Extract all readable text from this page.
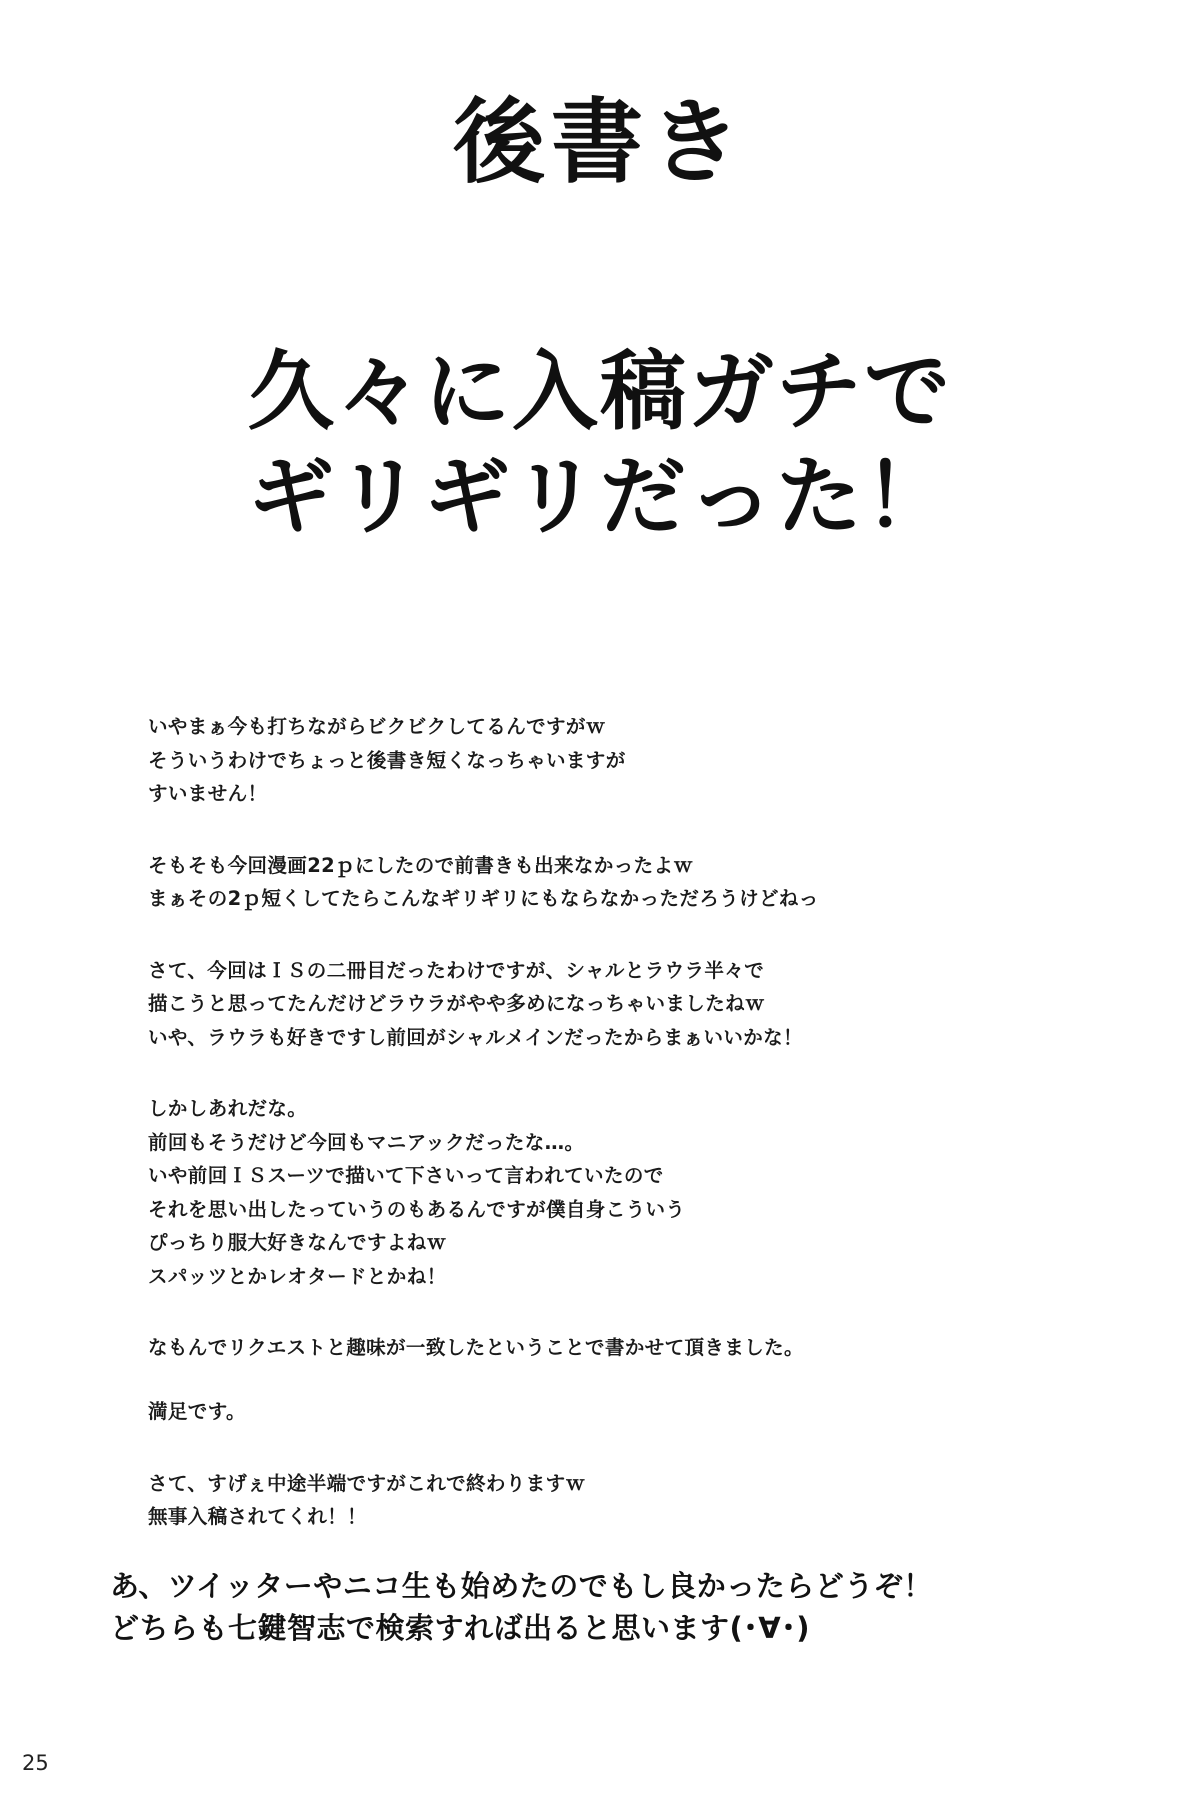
後書き
久々に入稿ガチで
ギリギリだった！

いやまぁ今も打ちながらビクビクしてるんですがｗ
そういうわけでちょっと後書き短くなっちゃいますが
すいません！

そもそも今回漫画22ｐにしたので前書きも出来なかったよｗ
まぁその2ｐ短くしてたらこんなギリギリにもならなかっただろうけどねっ

さて、今回はＩＳの二冊目だったわけですが、シャルとラウラ半々で
描こうと思ってたんだけどラウラがやや多めになっちゃいましたねｗ
いや、ラウラも好きですし前回がシャルメインだったからまぁいいかな！

しかしあれだな。
前回もそうだけど今回もマニアックだったな…。
いや前回ＩＳスーツで描いて下さいって言われていたので
それを思い出したっていうのもあるんですが僕自身こういう
ぴっちり服大好きなんですよねｗ
スパッツとかレオタードとかね！

なもんでリクエストと趣味が一致したということで書かせて頂きました。

満足です。

さて、すげぇ中途半端ですがこれで終わりますｗ
無事入稿されてくれ！！

あ、ツイッターやニコ生も始めたのでもし良かったらどうぞ！
どちらも七鍵智志で検索すれば出ると思います(･∀･)
25
